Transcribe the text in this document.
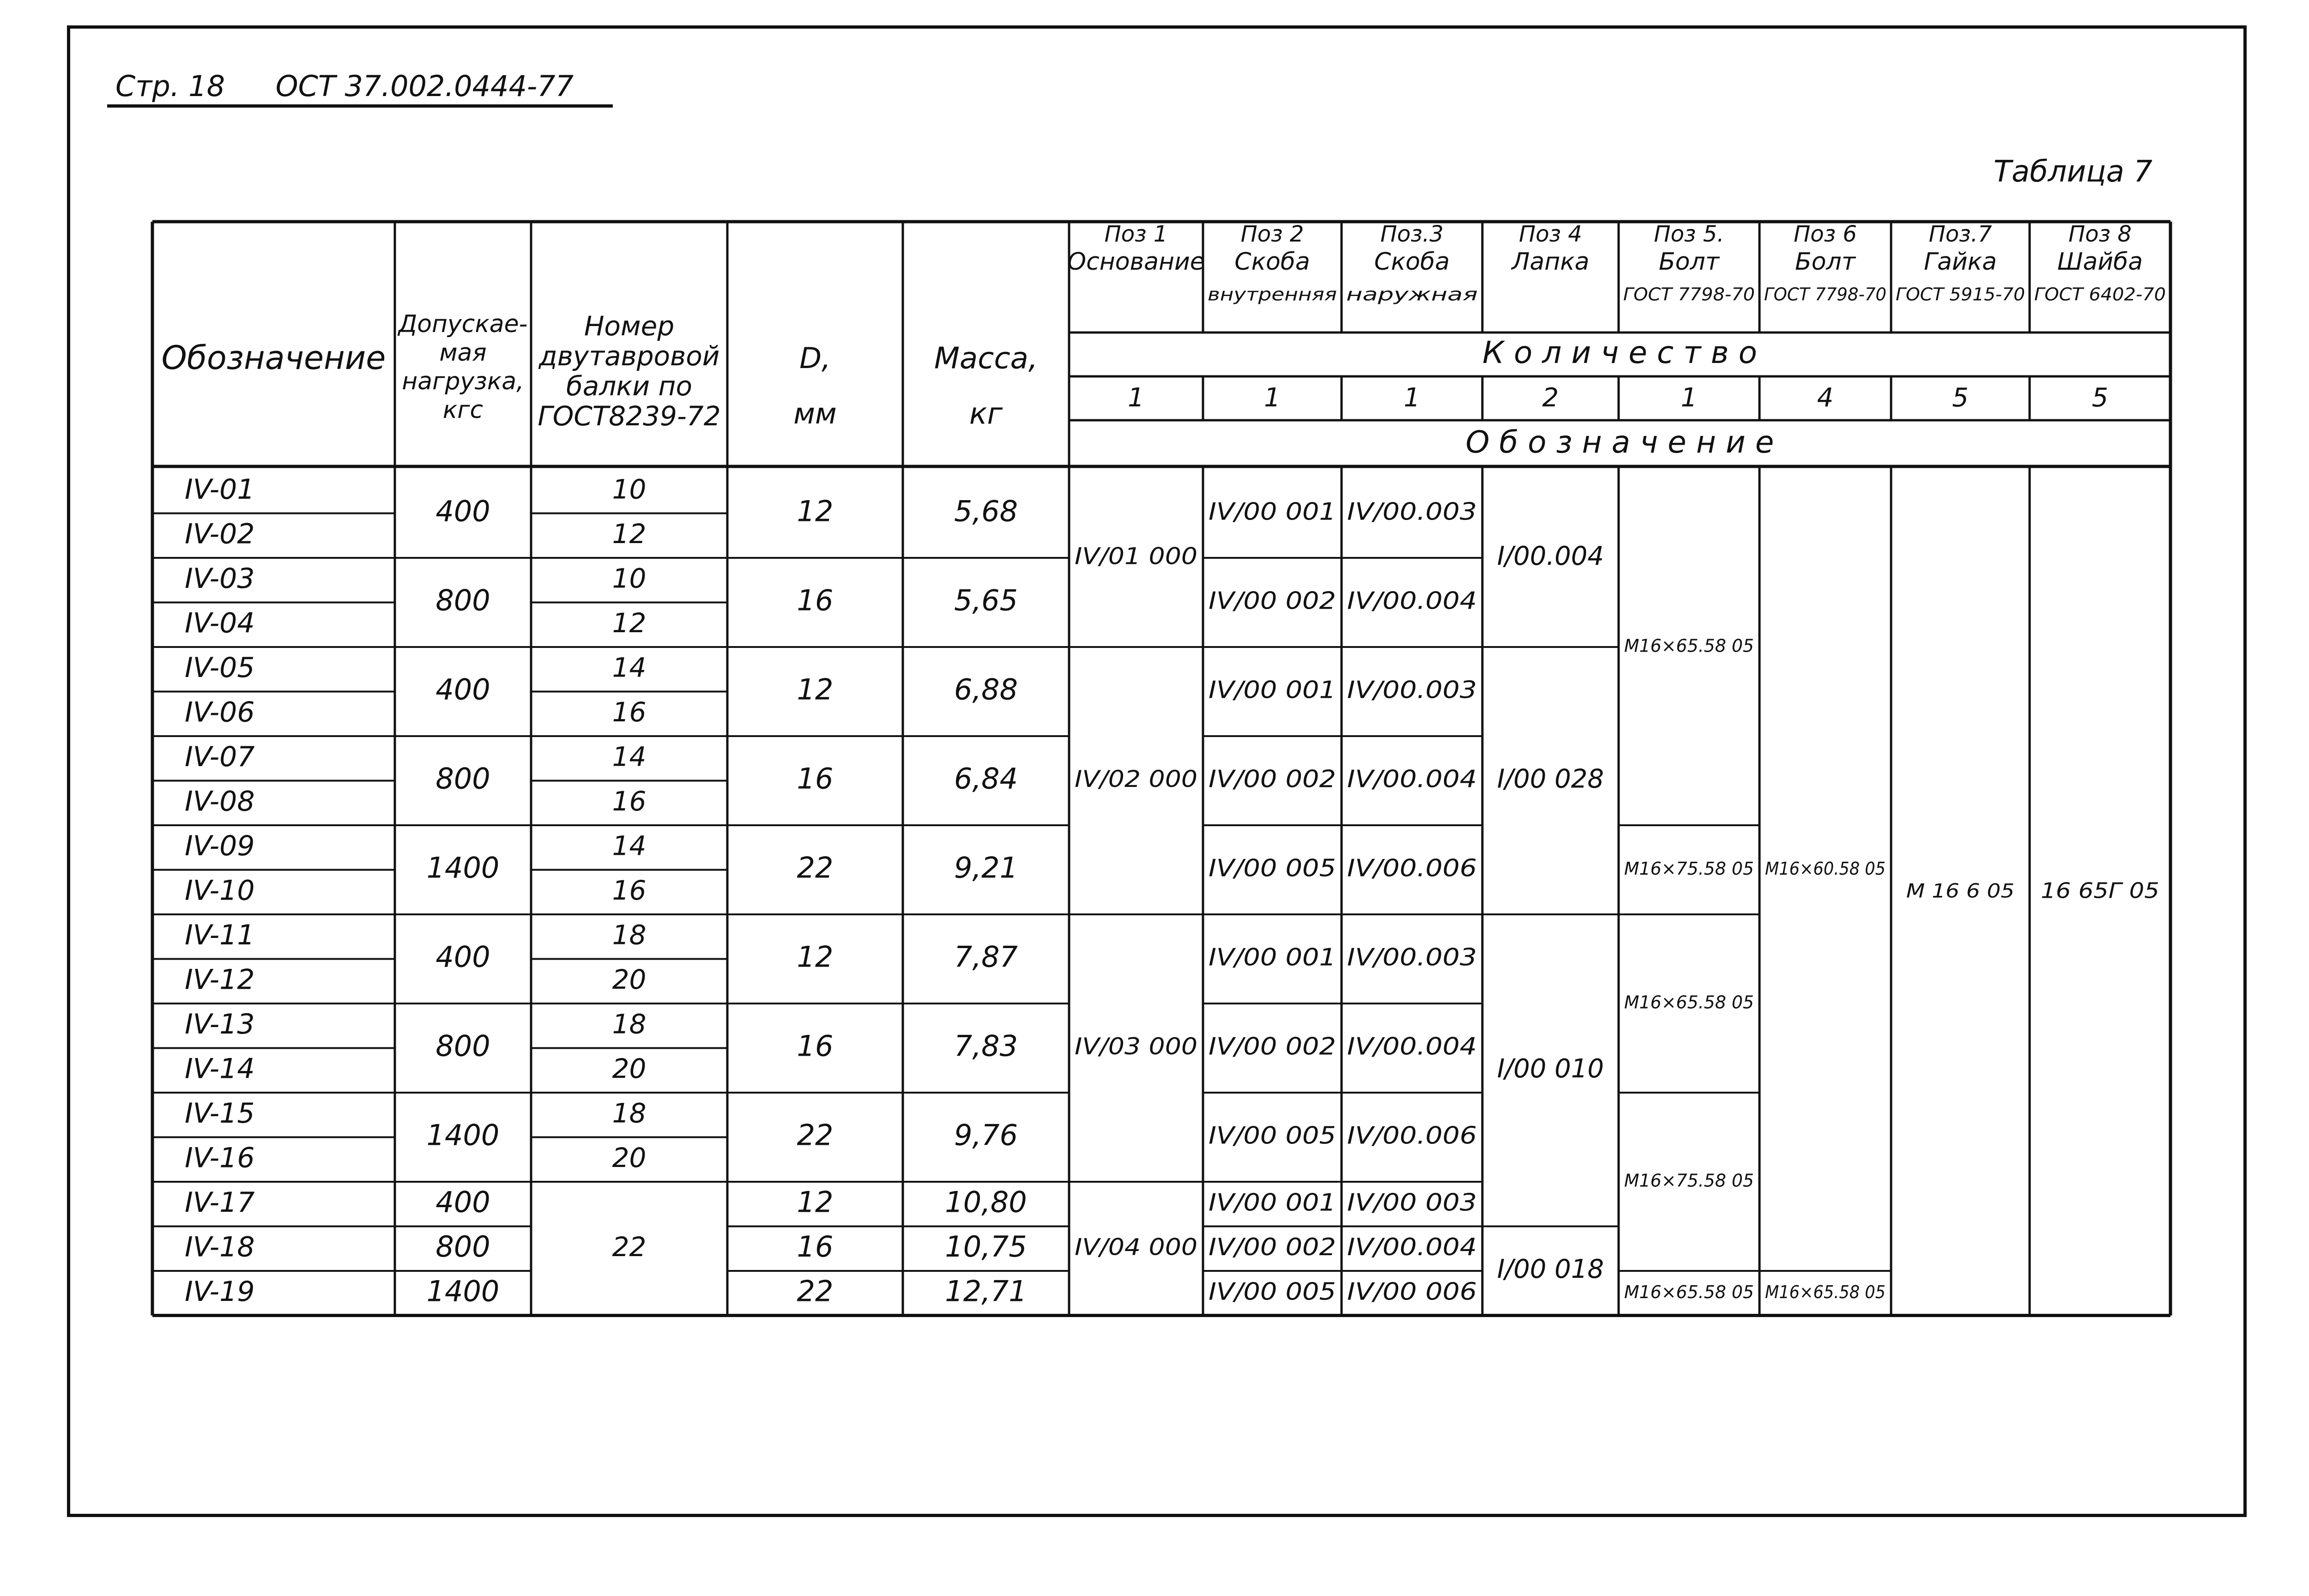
Стр. 18 ОСТ 37.002.0444-77
Таблица 7
Обозначение
Допускае-
мая
нагрузка,
кгс
Номер
двутавровой
балки по
ГОСТ8239-72
D,
мм
Масса,
кг
Поз 1
Основание
1
Поз 2
Скоба
внутренняя
1
Поз.3
Скоба
наружная
1
Поз 4
Лапка
2
Поз 5.
Болт
ГОСТ 7798-70
1
Поз 6
Болт
ГОСТ 7798-70
4
Поз.7
Гайка
ГОСТ 5915-70
5
Поз 8
Шайба
ГОСТ 6402-70
5
К о л и ч е с т в о
О б о з н а ч е н и е
IV-01
IV-02
IV-03
IV-04
IV-05
IV-06
IV-07
IV-08
IV-09
IV-10
IV-11
IV-12
IV-13
IV-14
IV-15
IV-16
IV-17
IV-18
IV-19
10
12
10
12
14
16
14
16
14
16
18
20
18
20
18
20
400
800
400
800
1400
400
800
1400
400
800
1400
22
12
16
12
16
22
12
16
22
12
16
22
5,68
5,65
6,88
6,84
9,21
7,87
7,83
9,76
10,80
10,75
12,71
IV/01 000
IV/02 000
IV/03 000
IV/04 000
IV/00 001
IV/00 002
IV/00 001
IV/00 002
IV/00 005
IV/00 001
IV/00 002
IV/00 005
IV/00 001
IV/00 002
IV/00 005
IV/00.003
IV/00.004
IV/00.003
IV/00.004
IV/00.006
IV/00.003
IV/00.004
IV/00.006
IV/00 003
IV/00.004
IV/00 006
I/00.004
I/00 028
I/00 010
I/00 018
M16×65.58 05
M16×75.58 05
M16×65.58 05
M16×75.58 05
M16×65.58 05
M16×60.58 05
M16×65.58 05
M 16 6 05 16 65Г 05
